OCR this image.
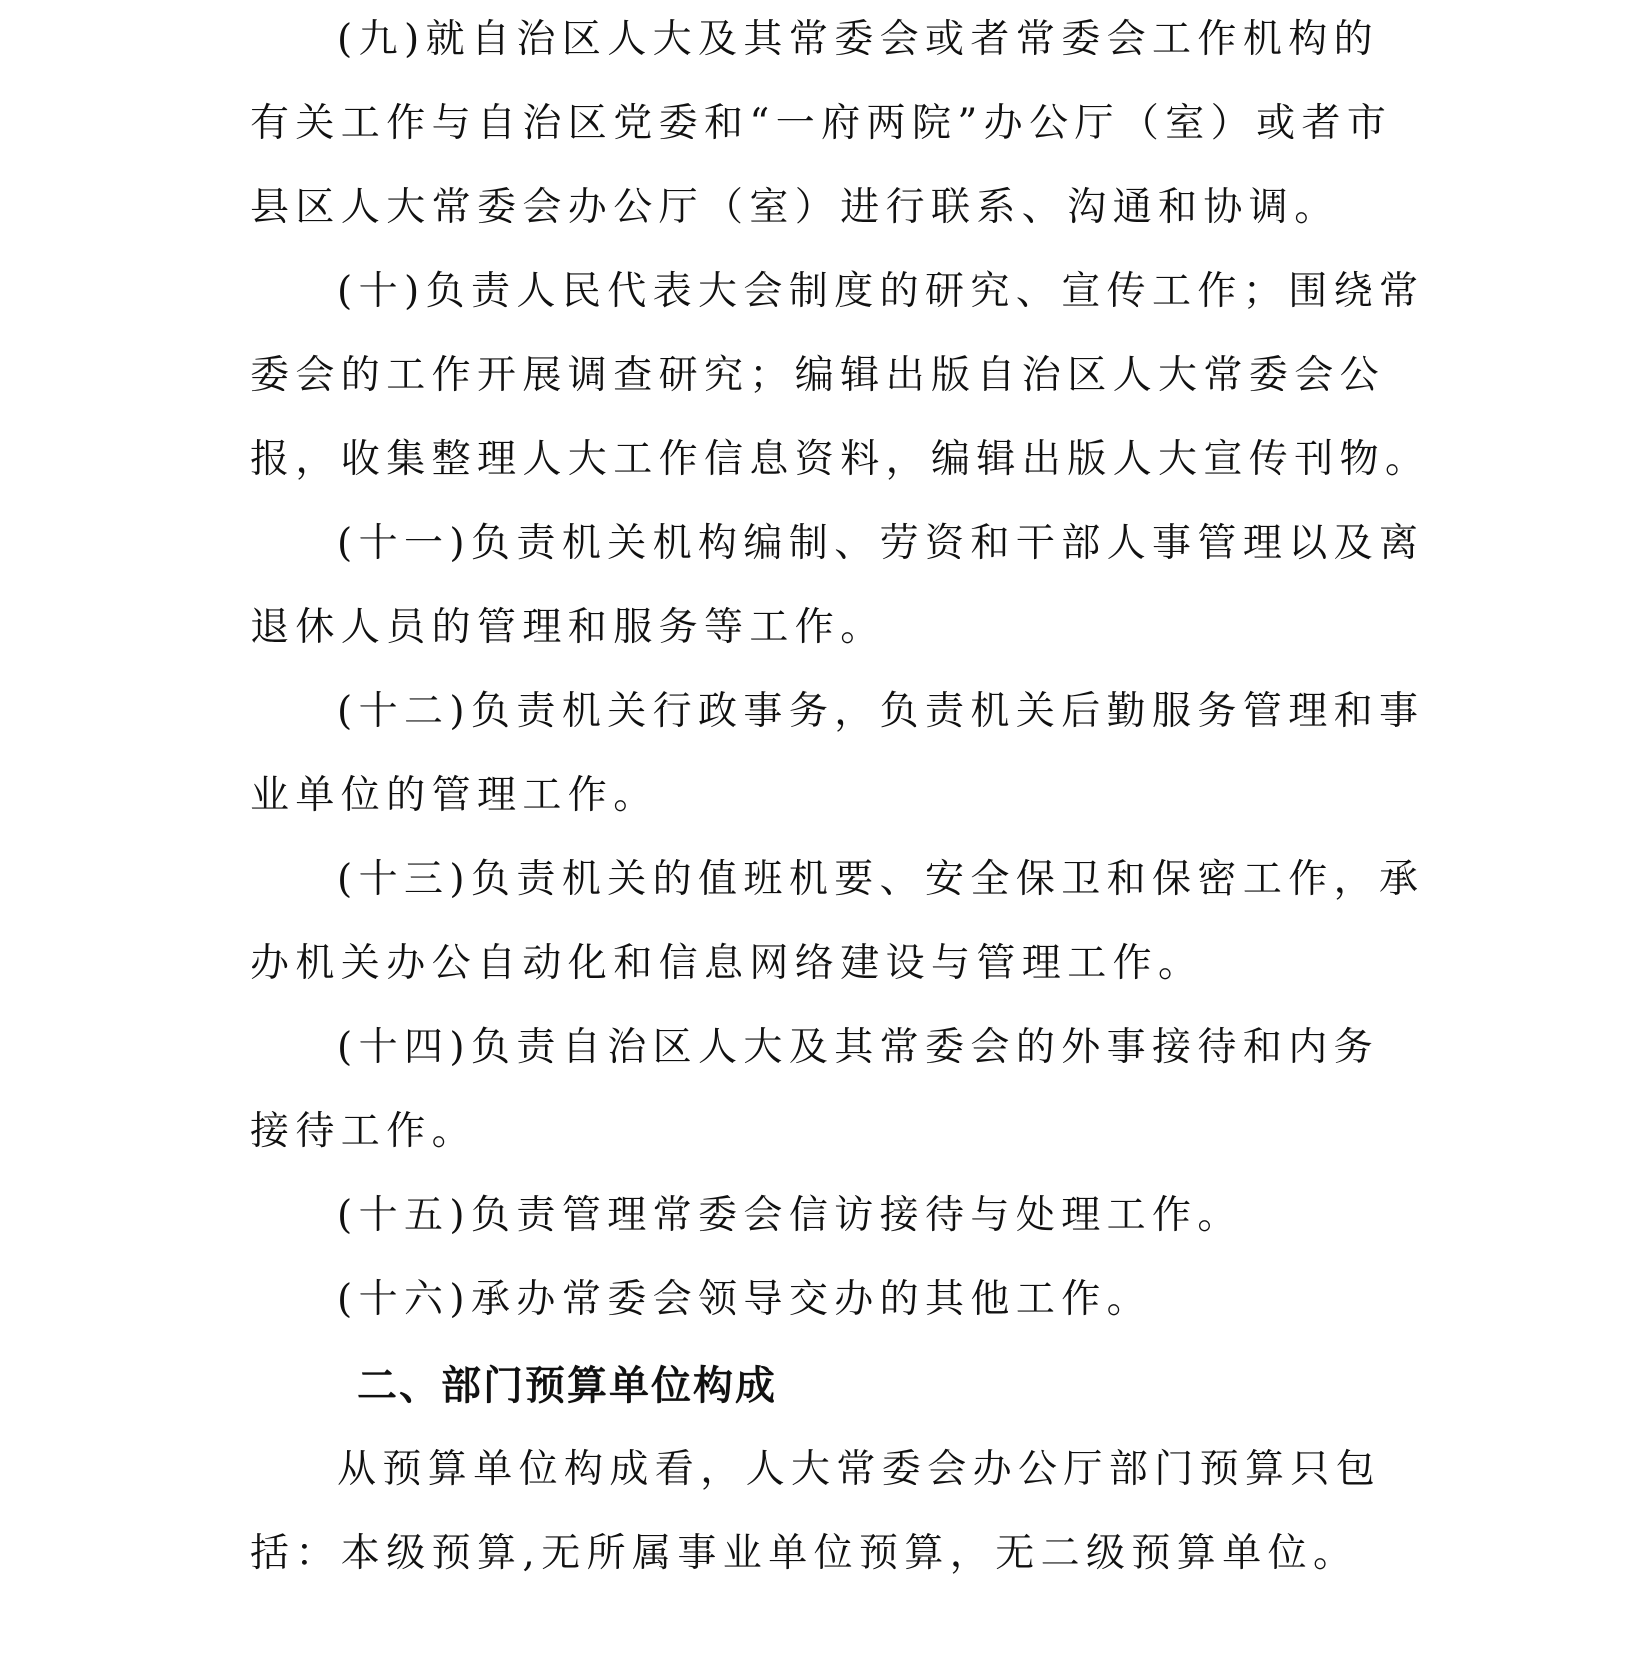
(九)就自治区人大及其常委会或者常委会工作机构的
有关工作与自治区党委和“一府两院”办公厅（室）或者市
县区人大常委会办公厅（室）进行联系、沟通和协调。
(十)负责人民代表大会制度的研究、宣传工作；围绕常
委会的工作开展调查研究；编辑出版自治区人大常委会公
报，收集整理人大工作信息资料，编辑出版人大宣传刊物。
(十一)负责机关机构编制、劳资和干部人事管理以及离
退休人员的管理和服务等工作。
(十二)负责机关行政事务，负责机关后勤服务管理和事
业单位的管理工作。
(十三)负责机关的值班机要、安全保卫和保密工作，承
办机关办公自动化和信息网络建设与管理工作。
(十四)负责自治区人大及其常委会的外事接待和内务
接待工作。
(十五)负责管理常委会信访接待与处理工作。
(十六)承办常委会领导交办的其他工作。
二、部门预算单位构成
从预算单位构成看，人大常委会办公厅部门预算只包
括：本级预算,无所属事业单位预算，无二级预算单位。
